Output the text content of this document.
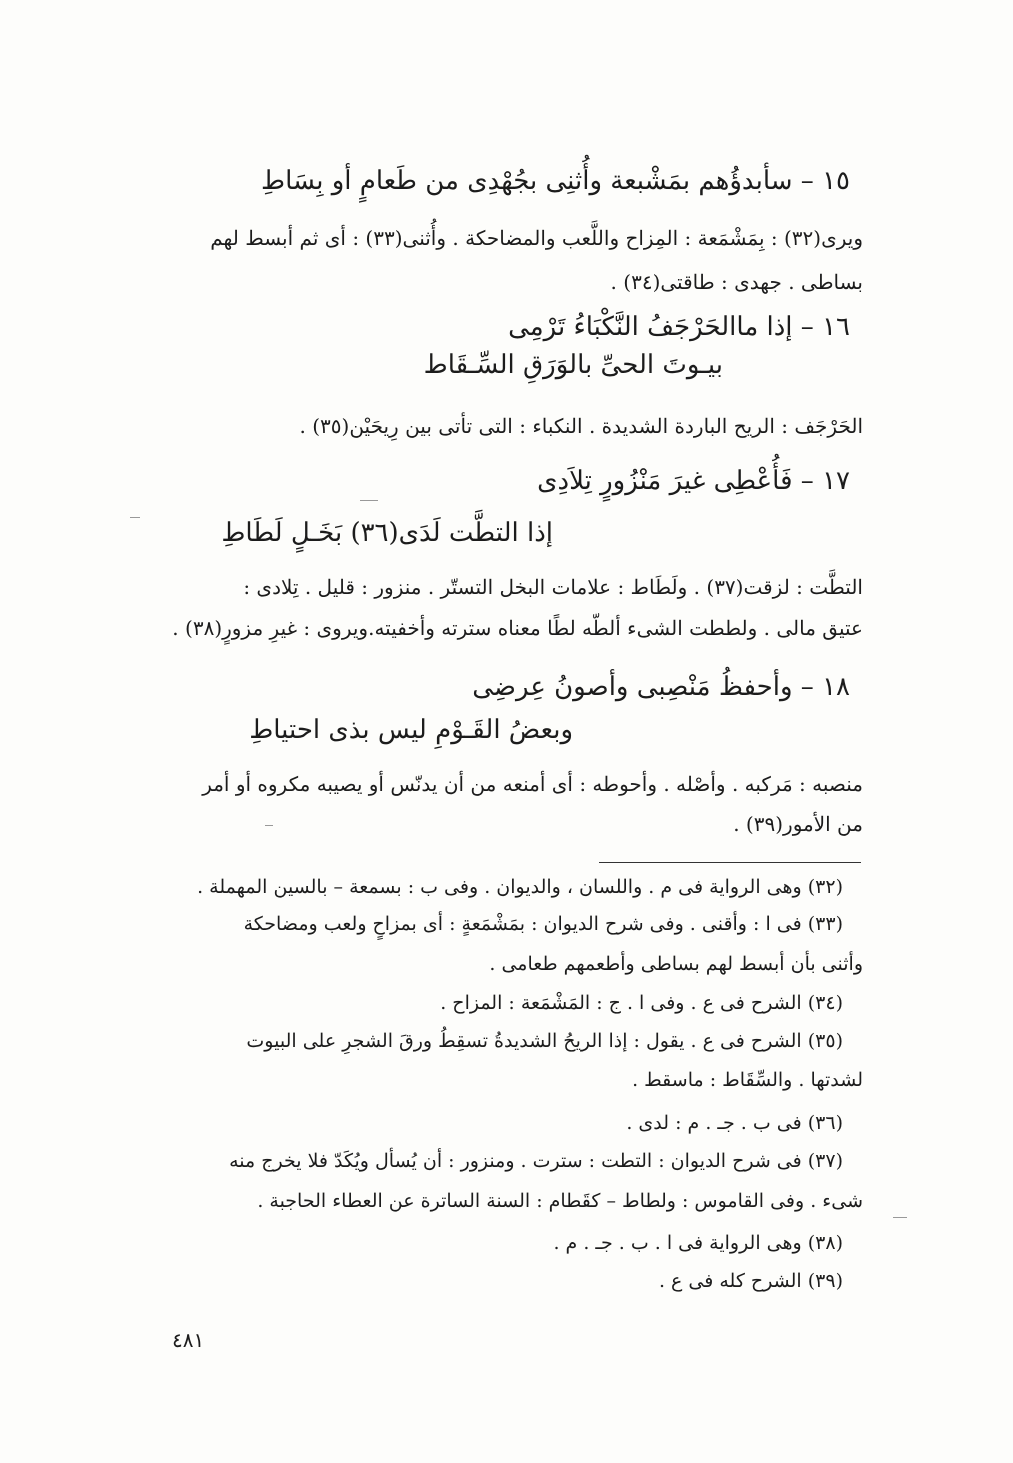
١٥ – سأبدؤُهم بمَشْبعة وأُثنِى بجُهْدِى من طَعامٍ أو بِسَاطِ
ويرى(٣٢) : بِمَشْمَعة : المِزاح واللَّعب والمضاحكة . وأُثنى(٣٣) : أى ثم أبسط لهم
بساطى . جهدى : طاقتى(٣٤) .
١٦ – إذا ماالحَرْجَفُ النَّكْبَاءُ تَرْمِى
بيـوتَ الحىِّ بالوَرَقِ السِّـقَاط
الحَرْجَف : الريح الباردة الشديدة . النكباء : التى تأتى بين رِيحَيْن(٣٥) .
١٧ – فَأُعْطِى غيرَ مَنْزُورٍ تِلاَدِى
إذا التطَّت لَدَى(٣٦) بَخَـلٍ لَطَاطِ
التطَّت : لزقت(٣٧) . ولَطَاط : علامات البخل التستّر . منزور : قليل . تِلادى :
عتيق مالى . ولططت الشىء ألطّه لطًا معناه سترته وأخفيته.ويروى : غيرِ مزورٍ(٣٨) .
١٨ – وأحفظُ مَنْصِبى وأصونُ عِرضِى
وبعضُ القَـوْمِ ليس بذى احتياطِ
منصبه : مَركبه . وأصْله . وأحوطه : أى أمنعه من أن يدنّس أو يصيبه مكروه أو أمر
من الأمور(٣٩) .
(٣٢) وهى الرواية فى م . واللسان ، والديوان . وفى ب : بسمعة – بالسين المهملة .
(٣٣) فى ا : وأقنى . وفى شرح الديوان : بمَشْمَعةٍ : أى بمزاحٍ ولعب ومضاحكة
وأثنى بأن أبسط لهم بساطى وأطعمهم طعامى .
(٣٤) الشرح فى ع . وفى ا . ج : المَشْمَعة : المزاح .
(٣٥) الشرح فى ع . يقول : إذا الريحُ الشديدةُ تسقِطُ ورقَ الشجرِ على البيوت
لشدتها . والسِّقَاط : ماسقط .
(٣٦) فى ب . جـ . م : لدى .
(٣٧) فى شرح الديوان : التطت : سترت . ومنزور : أن يُسأل ويُكَدّ فلا يخرج منه
شىء . وفى القاموس : ولطاط – كقَطام : السنة الساترة عن العطاء الحاجبة .
(٣٨) وهى الرواية فى ا . ب . جـ . م .
(٣٩) الشرح كله فى ع .
٤٨١
